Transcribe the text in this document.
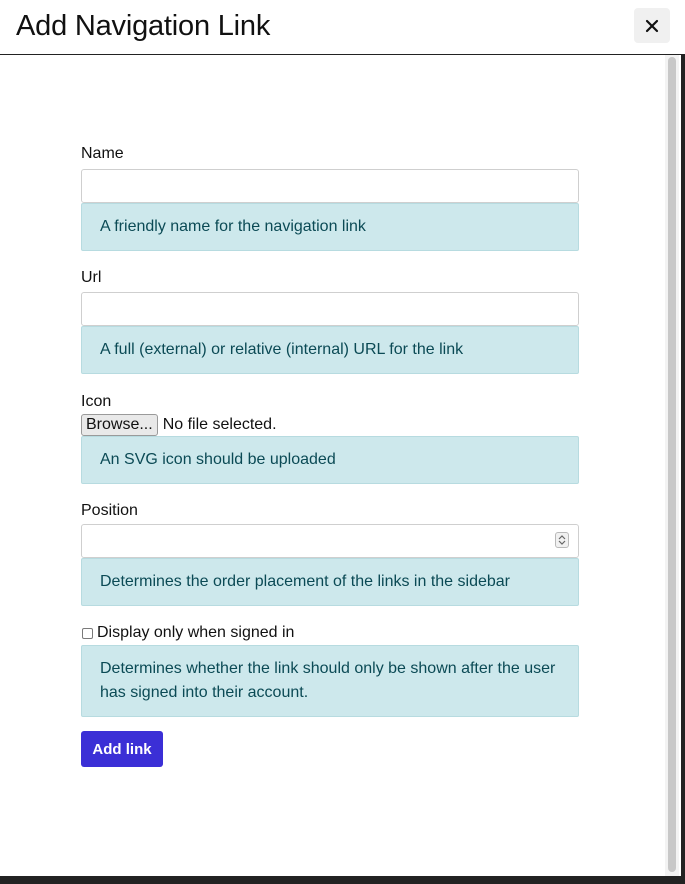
Add Navigation Link
Name
A friendly name for the navigation link
Url
A full (external) or relative (internal) URL for the link
Icon
Browse... No file selected.
An SVG icon should be uploaded
Position
Determines the order placement of the links in the sidebar
Display only when signed in
Determines whether the link should only be shown after the user has signed into their account.
Add link
